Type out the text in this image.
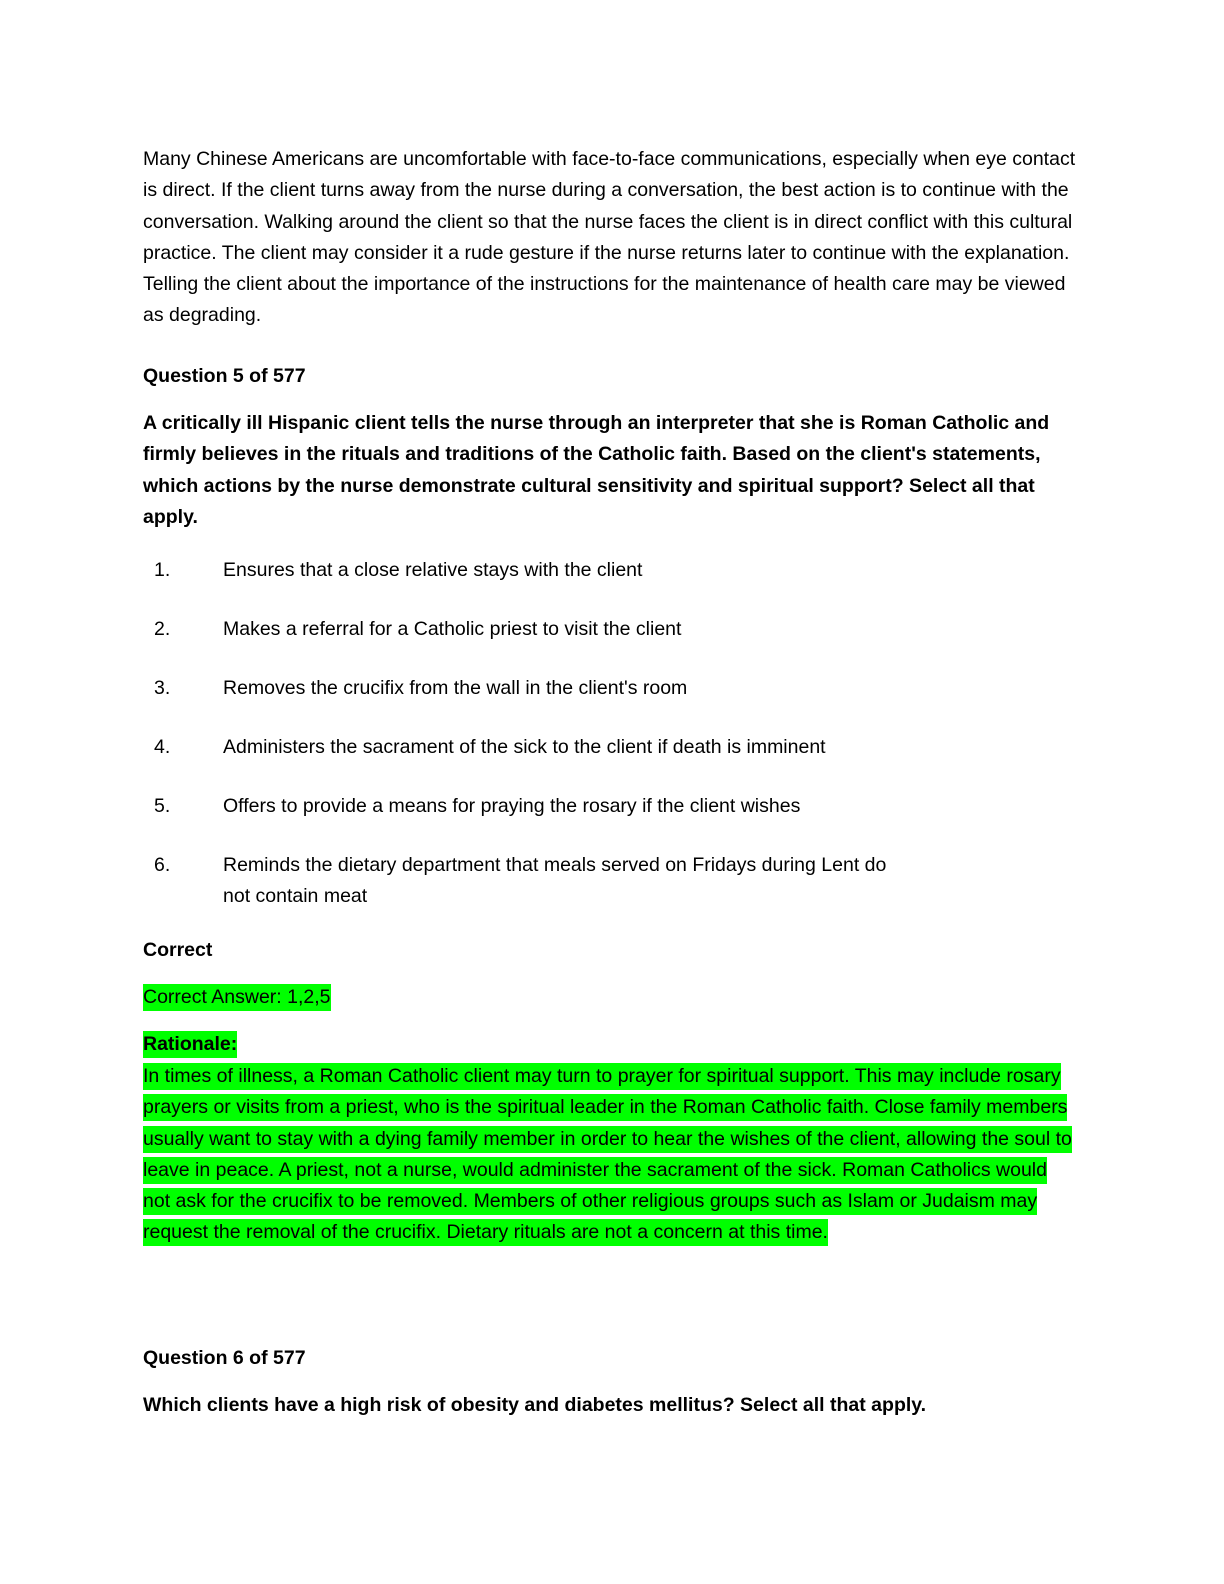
Many Chinese Americans are uncomfortable with face-to-face communications, especially when eye contact is direct. If the client turns away from the nurse during a conversation, the best action is to continue with the conversation. Walking around the client so that the nurse faces the client is in direct conflict with this cultural practice. The client may consider it a rude gesture if the nurse returns later to continue with the explanation. Telling the client about the importance of the instructions for the maintenance of health care may be viewed as degrading.
Question 5 of 577
A critically ill Hispanic client tells the nurse through an interpreter that she is Roman Catholic and firmly believes in the rituals and traditions of the Catholic faith. Based on the client's statements, which actions by the nurse demonstrate cultural sensitivity and spiritual support? Select all that apply.
1.	Ensures that a close relative stays with the client
2.	Makes a referral for a Catholic priest to visit the client
3.	Removes the crucifix from the wall in the client's room
4.	Administers the sacrament of the sick to the client if death is imminent
5.	Offers to provide a means for praying the rosary if the client wishes
6.	Reminds the dietary department that meals served on Fridays during Lent do not contain meat
Correct
Correct Answer: 1,2,5
Rationale:
In times of illness, a Roman Catholic client may turn to prayer for spiritual support. This may include rosary prayers or visits from a priest, who is the spiritual leader in the Roman Catholic faith. Close family members usually want to stay with a dying family member in order to hear the wishes of the client, allowing the soul to leave in peace. A priest, not a nurse, would administer the sacrament of the sick. Roman Catholics would not ask for the crucifix to be removed. Members of other religious groups such as Islam or Judaism may request the removal of the crucifix. Dietary rituals are not a concern at this time.
Question 6 of 577
Which clients have a high risk of obesity and diabetes mellitus? Select all that apply.
